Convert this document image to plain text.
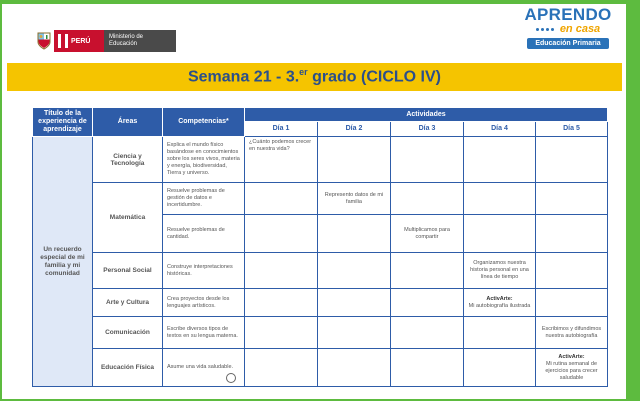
PERÚ
Ministerio de Educación
APRENDO
en casa
Educación Primaria
Semana 21 - 3.$^{er}$ grado (CICLO IV)
Título de la experiencia de aprendizaje	Áreas	Competencias*	Actividades				
			Día 1	Día 2	Día 3	Día 4	Día 5
Un recuerdo especial de mi familia y mi comunidad	Ciencia y Tecnología	Explica el mundo físico basándose en conocimientos sobre los seres vivos, materia y energía, biodiversidad, Tierra y universo.	¿Cuánto podemos crecer en nuestra vida?				
	Matemática	Resuelve problemas de gestión de datos e incertidumbre.		Represento datos de mi familia			
		Resuelve problemas de cantidad.			Multiplicamos para compartir		
	Personal Social	Construye interpretaciones históricas.				Organizamos nuestra historia personal en una línea de tiempo	
	Arte y Cultura	Crea proyectos desde los lenguajes artísticos.				ActivArte:
Mi autobiografía ilustrada	
	Comunicación	Escribe diversos tipos de textos en su lengua materna.					Escribimos y difundimos nuestra autobiografía
	Educación Física	Asume una vida saludable.					ActivArte:
Mi rutina semanal de ejercicios para crecer saludable
